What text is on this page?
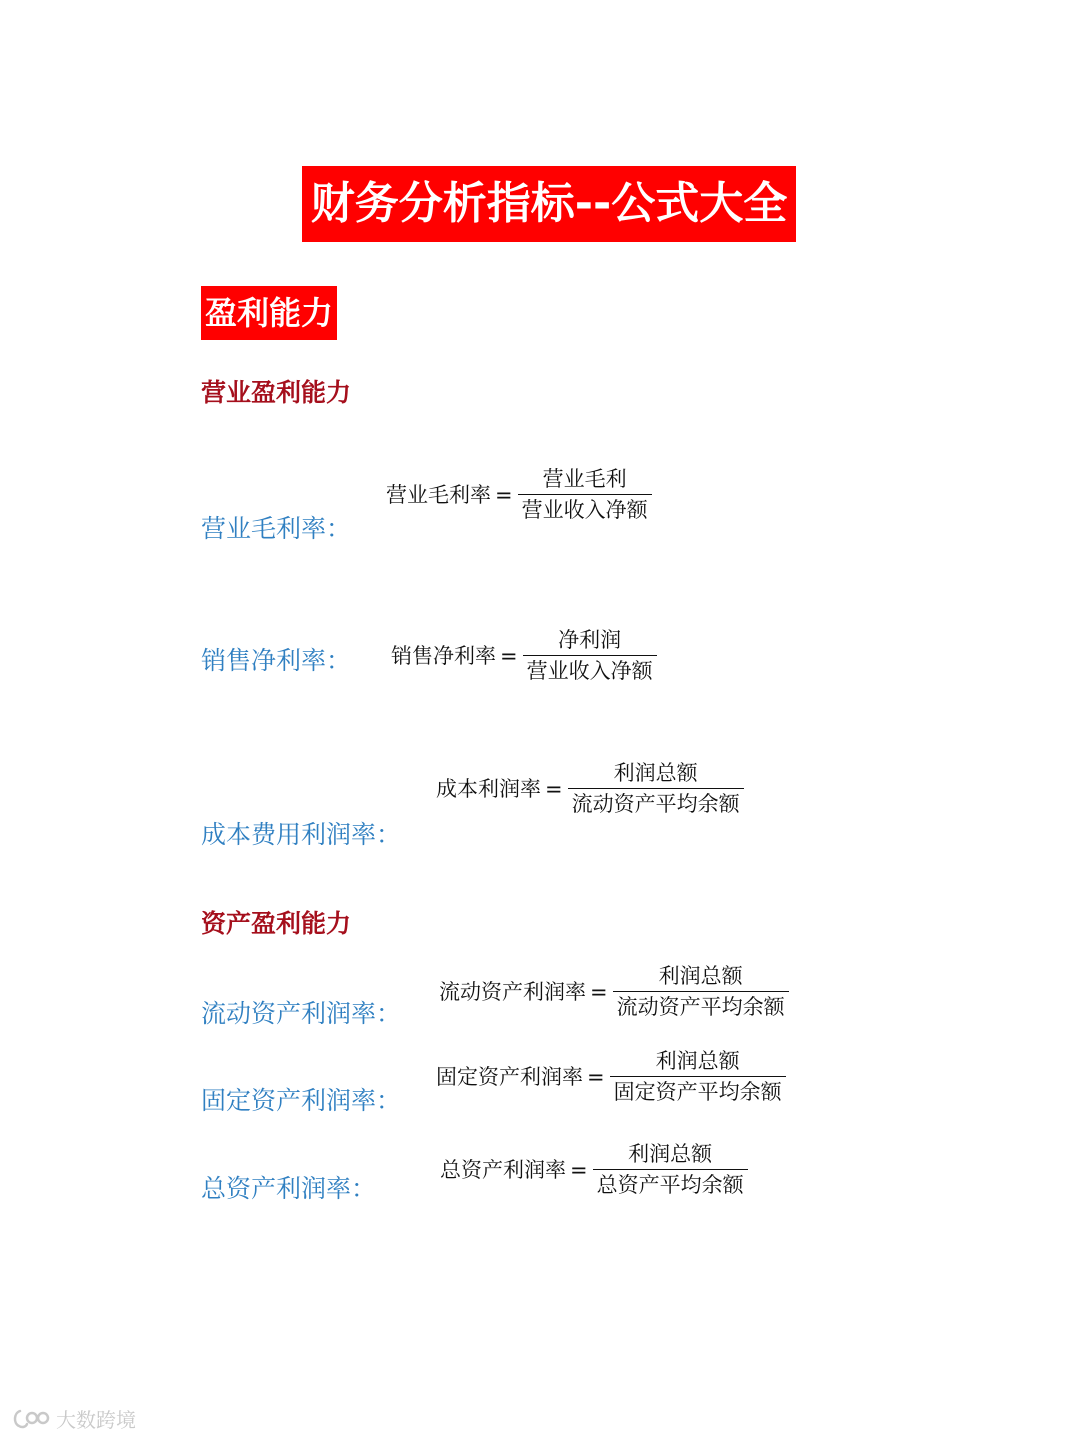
财务分析指标--公式大全
盈利能力
营业盈利能力
营业毛利率：
营业毛利率 = $\frac{\text{营业毛利}}{\text{营业收入净额}}$
销售净利率： 销售净利率 = $\frac{\text{净利润}}{\text{营业收入净额}}$
成本费用利润率：
成本利润率 = $\frac{\text{利润总额}}{\text{流动资产平均余额}}$
资产盈利能力
流动资产利润率：
流动资产利润率 = $\frac{\text{利润总额}}{\text{流动资产平均余额}}$
固定资产利润率：
固定资产利润率 = $\frac{\text{利润总额}}{\text{固定资产平均余额}}$
总资产利润率：
总资产利润率 = $\frac{\text{利润总额}}{\text{总资产平均余额}}$
大数跨境
